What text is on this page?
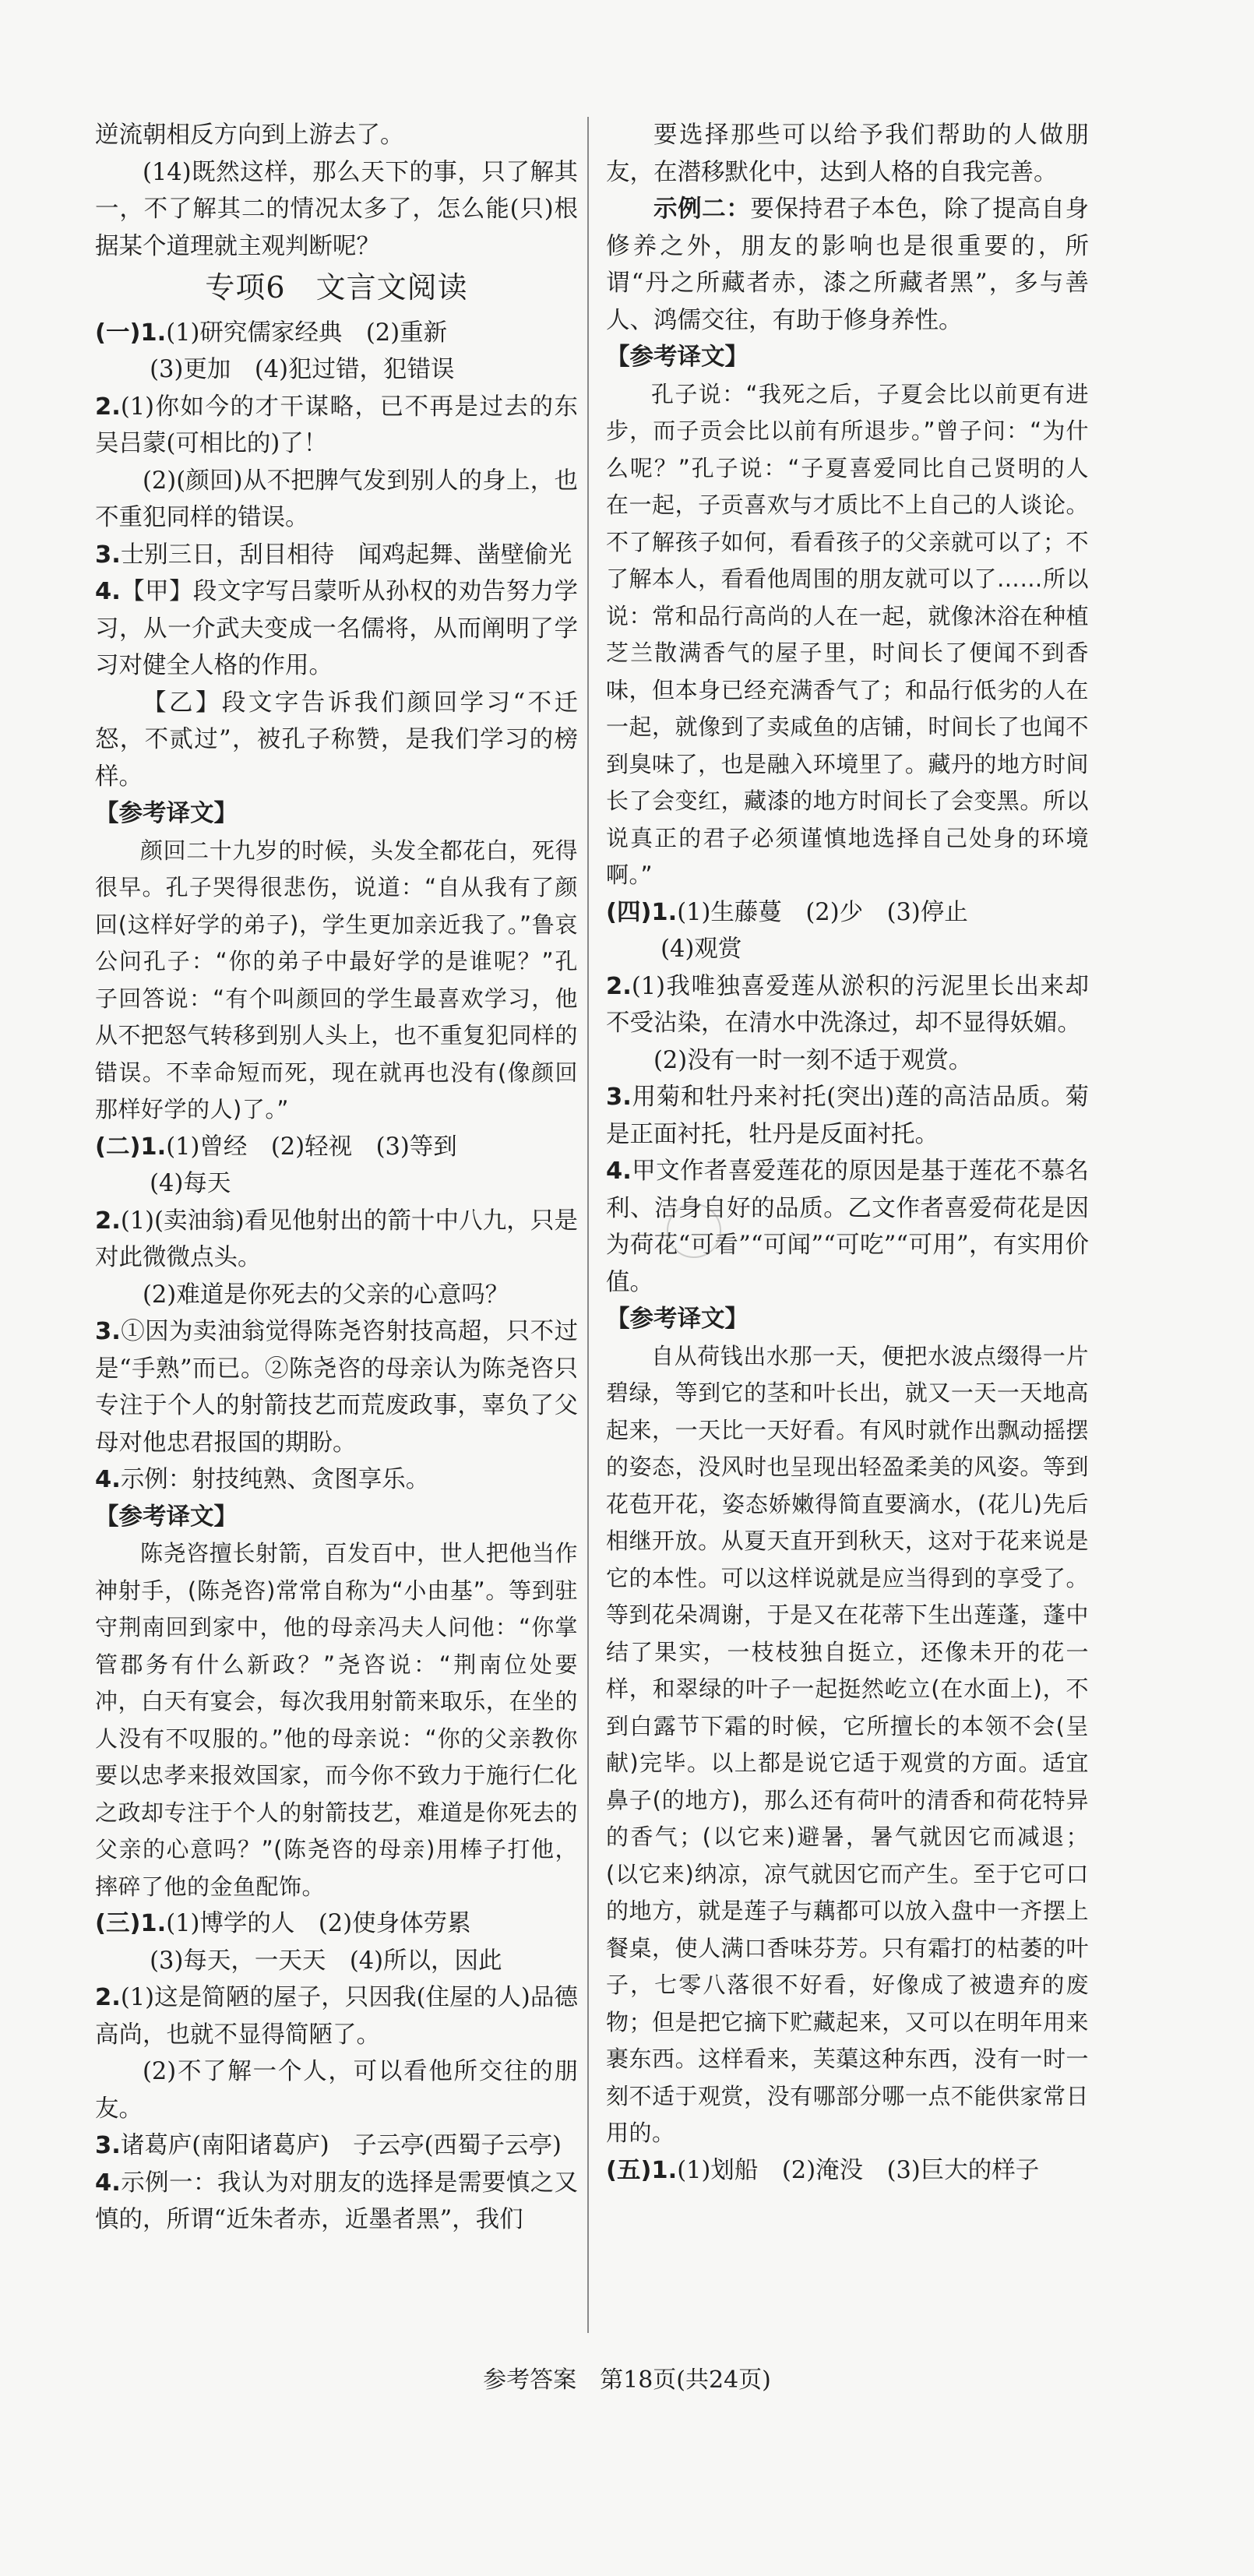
逆流朝相反方向到上游去了。

(14)既然这样，那么天下的事，只了解其一，不了解其二的情况太多了，怎么能(只)根据某个道理就主观判断呢？

专项6　文言文阅读

(一)1.(1)研究儒家经典　(2)重新

(3)更加　(4)犯过错，犯错误

2.(1)你如今的才干谋略，已不再是过去的东吴吕蒙(可相比的)了！

(2)(颜回)从不把脾气发到别人的身上，也不重犯同样的错误。

3.士别三日，刮目相待　闻鸡起舞、凿壁偷光

4.【甲】段文字写吕蒙听从孙权的劝告努力学习，从一介武夫变成一名儒将，从而阐明了学习对健全人格的作用。

【乙】段文字告诉我们颜回学习“不迁怒，不贰过”，被孔子称赞，是我们学习的榜样。

【参考译文】

颜回二十九岁的时候，头发全都花白，死得很早。孔子哭得很悲伤，说道：“自从我有了颜回(这样好学的弟子)，学生更加亲近我了。”鲁哀公问孔子：“你的弟子中最好学的是谁呢？”孔子回答说：“有个叫颜回的学生最喜欢学习，他从不把怒气转移到别人头上，也不重复犯同样的错误。不幸命短而死，现在就再也没有(像颜回那样好学的人)了。”

(二)1.(1)曾经　(2)轻视　(3)等到

(4)每天

2.(1)(卖油翁)看见他射出的箭十中八九，只是对此微微点头。

(2)难道是你死去的父亲的心意吗？

3.①因为卖油翁觉得陈尧咨射技高超，只不过是“手熟”而已。②陈尧咨的母亲认为陈尧咨只专注于个人的射箭技艺而荒废政事，辜负了父母对他忠君报国的期盼。

4.示例：射技纯熟、贪图享乐。

【参考译文】

陈尧咨擅长射箭，百发百中，世人把他当作神射手，(陈尧咨)常常自称为“小由基”。等到驻守荆南回到家中，他的母亲冯夫人问他：“你掌管郡务有什么新政？”尧咨说：“荆南位处要冲，白天有宴会，每次我用射箭来取乐，在坐的人没有不叹服的。”他的母亲说：“你的父亲教你要以忠孝来报效国家，而今你不致力于施行仁化之政却专注于个人的射箭技艺，难道是你死去的父亲的心意吗？”(陈尧咨的母亲)用棒子打他，摔碎了他的金鱼配饰。

(三)1.(1)博学的人　(2)使身体劳累

(3)每天，一天天　(4)所以，因此

2.(1)这是简陋的屋子，只因我(住屋的人)品德高尚，也就不显得简陋了。

(2)不了解一个人，可以看他所交往的朋友。

3.诸葛庐(南阳诸葛庐)　子云亭(西蜀子云亭)

4.示例一：我认为对朋友的选择是需要慎之又慎的，所谓“近朱者赤，近墨者黑”，我们

要选择那些可以给予我们帮助的人做朋友，在潜移默化中，达到人格的自我完善。

示例二：要保持君子本色，除了提高自身修养之外，朋友的影响也是很重要的，所谓“丹之所藏者赤，漆之所藏者黑”，多与善人、鸿儒交往，有助于修身养性。

【参考译文】

孔子说：“我死之后，子夏会比以前更有进步，而子贡会比以前有所退步。”曾子问：“为什么呢？”孔子说：“子夏喜爱同比自己贤明的人在一起，子贡喜欢与才质比不上自己的人谈论。不了解孩子如何，看看孩子的父亲就可以了；不了解本人，看看他周围的朋友就可以了……所以说：常和品行高尚的人在一起，就像沐浴在种植芝兰散满香气的屋子里，时间长了便闻不到香味，但本身已经充满香气了；和品行低劣的人在一起，就像到了卖咸鱼的店铺，时间长了也闻不到臭味了，也是融入环境里了。藏丹的地方时间长了会变红，藏漆的地方时间长了会变黑。所以说真正的君子必须谨慎地选择自己处身的环境啊。”

(四)1.(1)生藤蔓　(2)少　(3)停止

(4)观赏

2.(1)我唯独喜爱莲从淤积的污泥里长出来却不受沾染，在清水中洗涤过，却不显得妖媚。

(2)没有一时一刻不适于观赏。

3.用菊和牡丹来衬托(突出)莲的高洁品质。菊是正面衬托，牡丹是反面衬托。

4.甲文作者喜爱莲花的原因是基于莲花不慕名利、洁身自好的品质。乙文作者喜爱荷花是因为荷花“可看”“可闻”“可吃”“可用”，有实用价值。

【参考译文】

自从荷钱出水那一天，便把水波点缀得一片碧绿，等到它的茎和叶长出，就又一天一天地高起来，一天比一天好看。有风时就作出飘动摇摆的姿态，没风时也呈现出轻盈柔美的风姿。等到花苞开花，姿态娇嫩得简直要滴水，(花儿)先后相继开放。从夏天直开到秋天，这对于花来说是它的本性。可以这样说就是应当得到的享受了。等到花朵凋谢，于是又在花蒂下生出莲蓬，蓬中结了果实，一枝枝独自挺立，还像未开的花一样，和翠绿的叶子一起挺然屹立(在水面上)，不到白露节下霜的时候，它所擅长的本领不会(呈献)完毕。以上都是说它适于观赏的方面。适宜鼻子(的地方)，那么还有荷叶的清香和荷花特异的香气；(以它来)避暑，暑气就因它而减退；(以它来)纳凉，凉气就因它而产生。至于它可口的地方，就是莲子与藕都可以放入盘中一齐摆上餐桌，使人满口香味芬芳。只有霜打的枯萎的叶子，七零八落很不好看，好像成了被遗弃的废物；但是把它摘下贮藏起来，又可以在明年用来裹东西。这样看来，芙蕖这种东西，没有一时一刻不适于观赏，没有哪部分哪一点不能供家常日用的。

(五)1.(1)划船　(2)淹没　(3)巨大的样子

参考答案　第18页(共24页)
